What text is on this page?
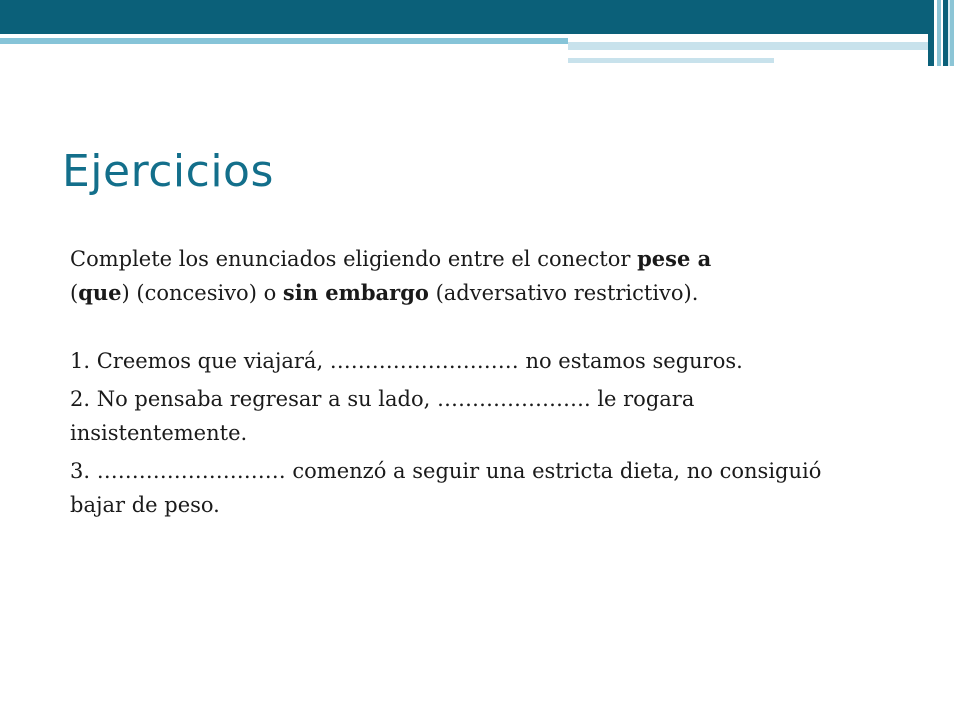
Ejercicios

Complete los enunciados eligiendo entre el conector pese a
(que) (concesivo) o sin embargo (adversativo restrictivo).

1. Creemos que viajará, ……………………… no estamos seguros.

2. No pensaba regresar a su lado, …………………. le rogara insistentemente.

3. ……………………… comenzó a seguir una estricta dieta, no consiguió bajar de peso.
